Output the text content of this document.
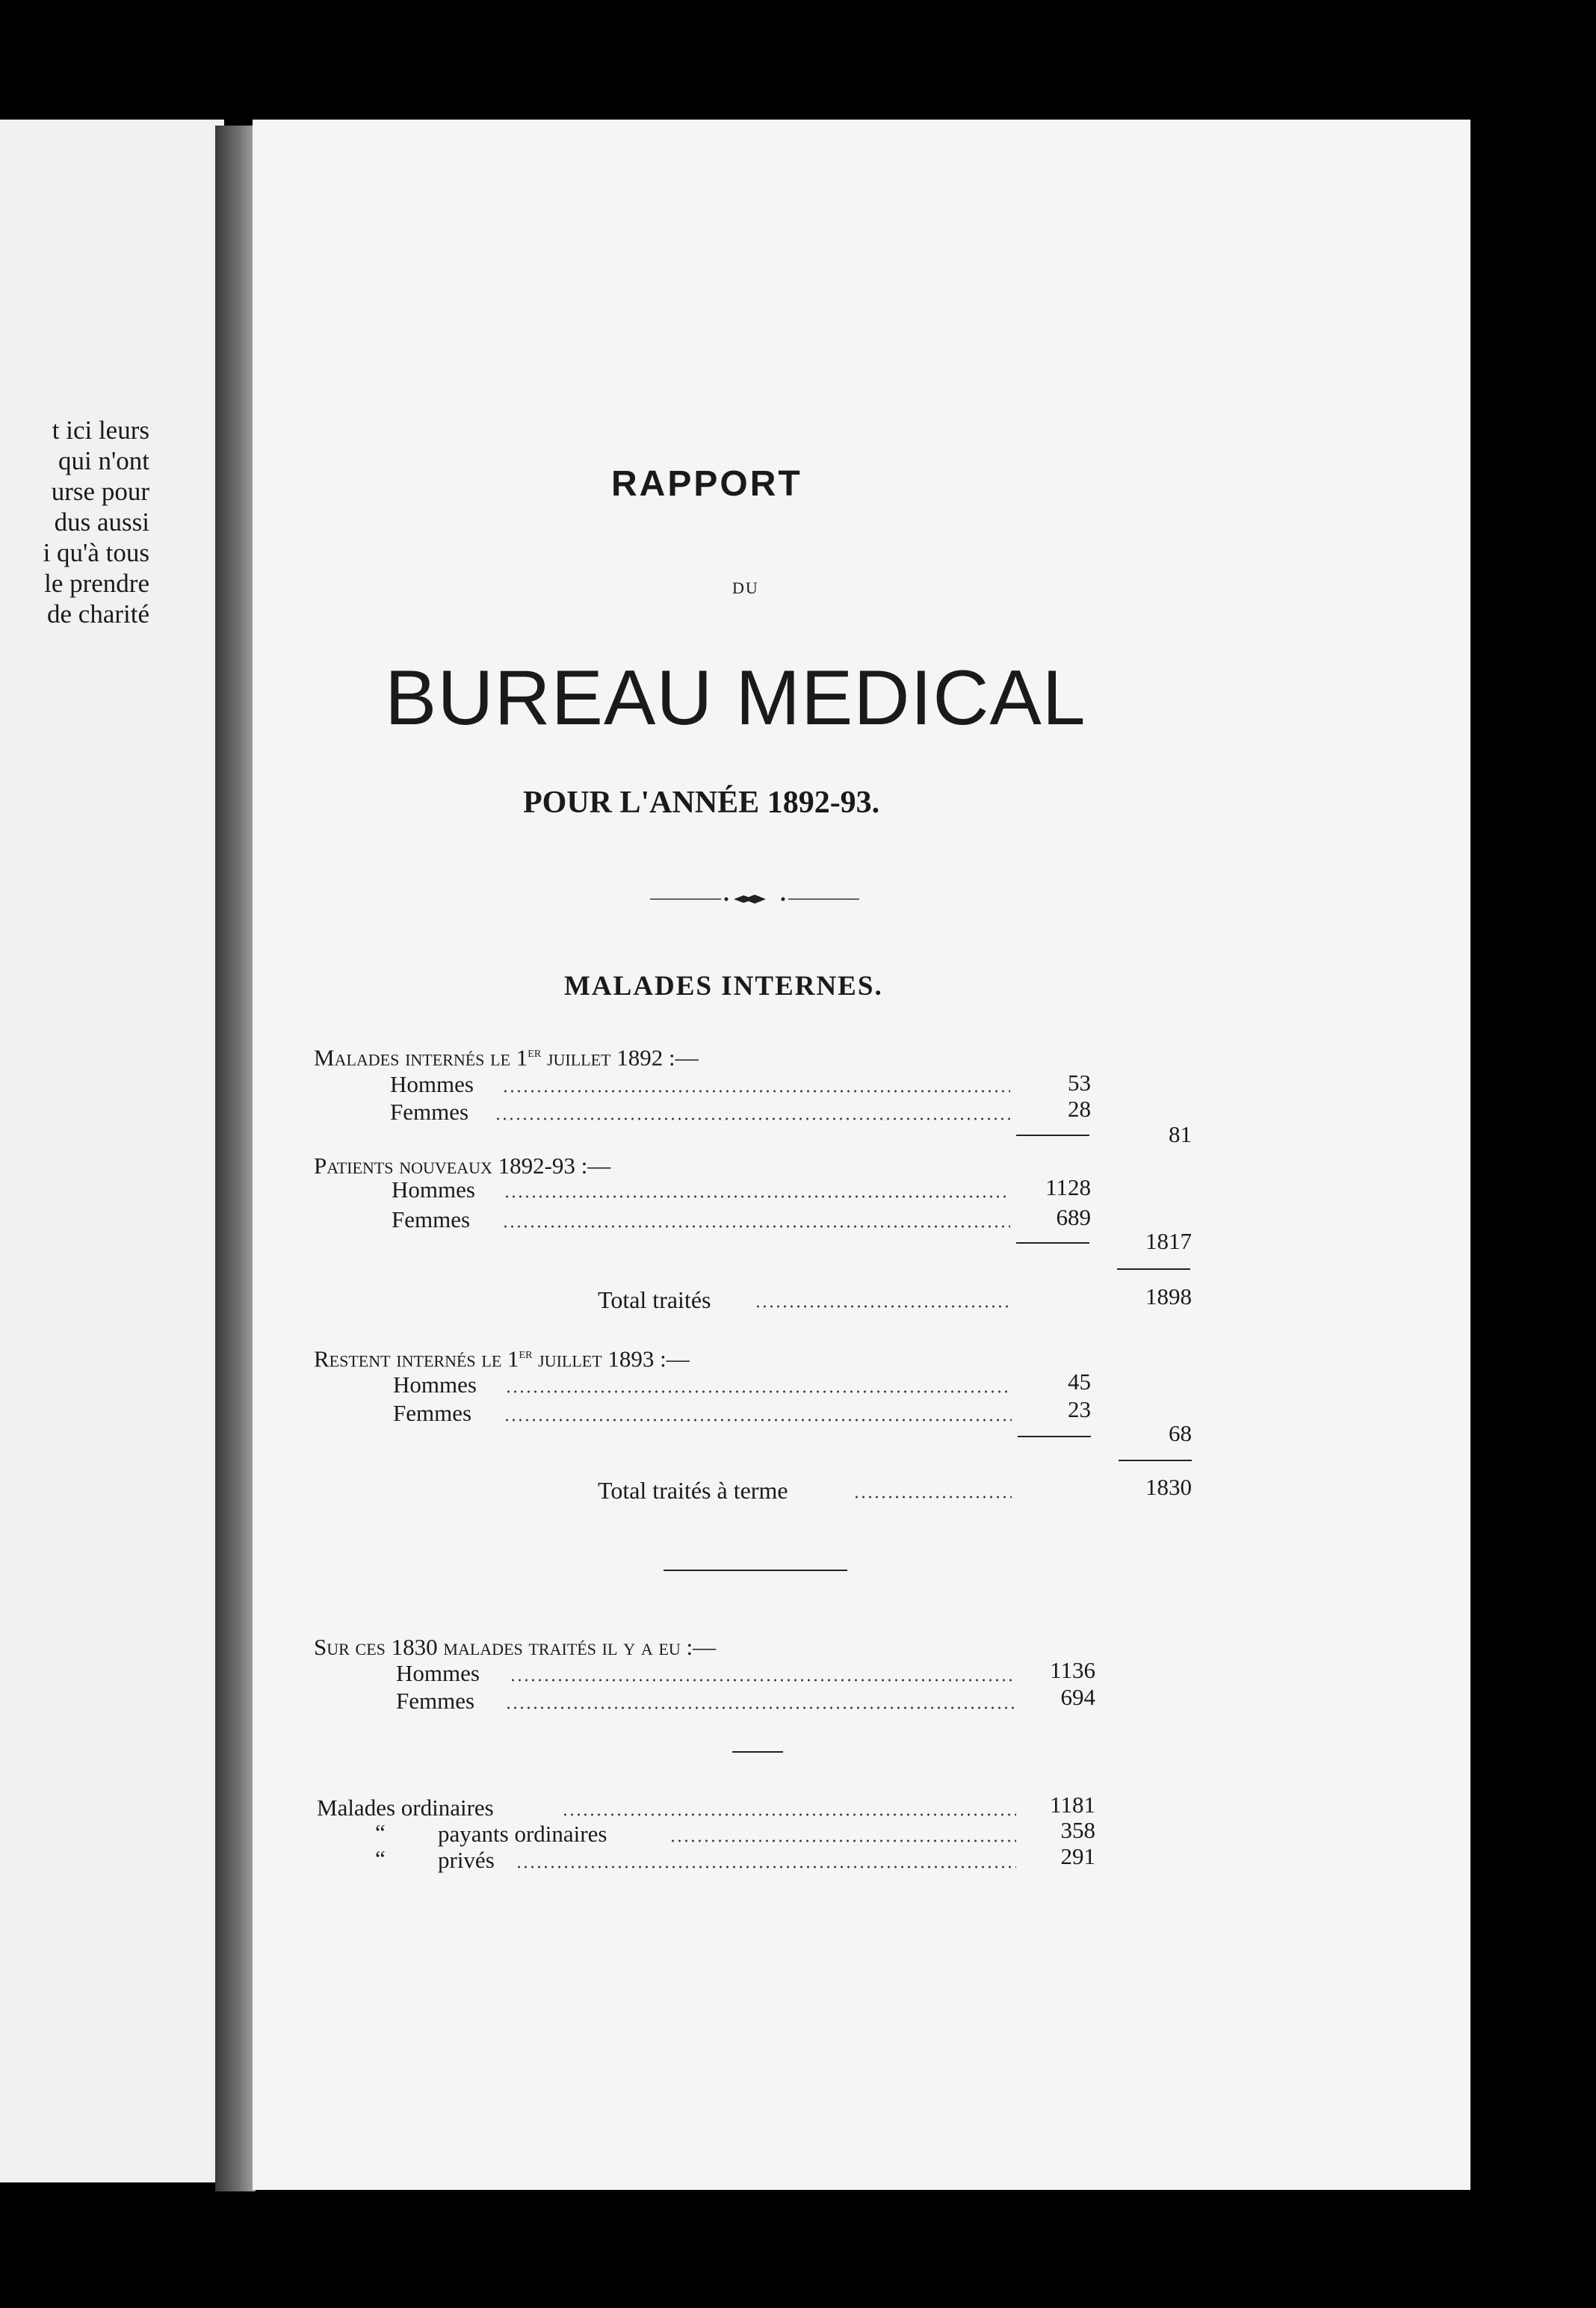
t ici leurs
qui n'ont
urse pour
dus aussi
i qu'à tous
le prendre
de charité
RAPPORT
DU
BUREAU MEDICAL
POUR L'ANNÉE 1892-93.
MALADES INTERNES.
Malades internés le 1er juillet 1892 :—
Hommes	53
Femmes	28
81
Patients nouveaux 1892-93 :—
Hommes	1128
Femmes	689
1817
Total traités	1898
Restent internés le 1er juillet 1893 :—
Hommes	45
Femmes	23
68
Total traités à terme	1830
Sur ces 1830 malades traités il y a eu :—
Hommes	1136
Femmes	694
Malades ordinaires	1181
“ payants ordinaires	358
“ privés	291
